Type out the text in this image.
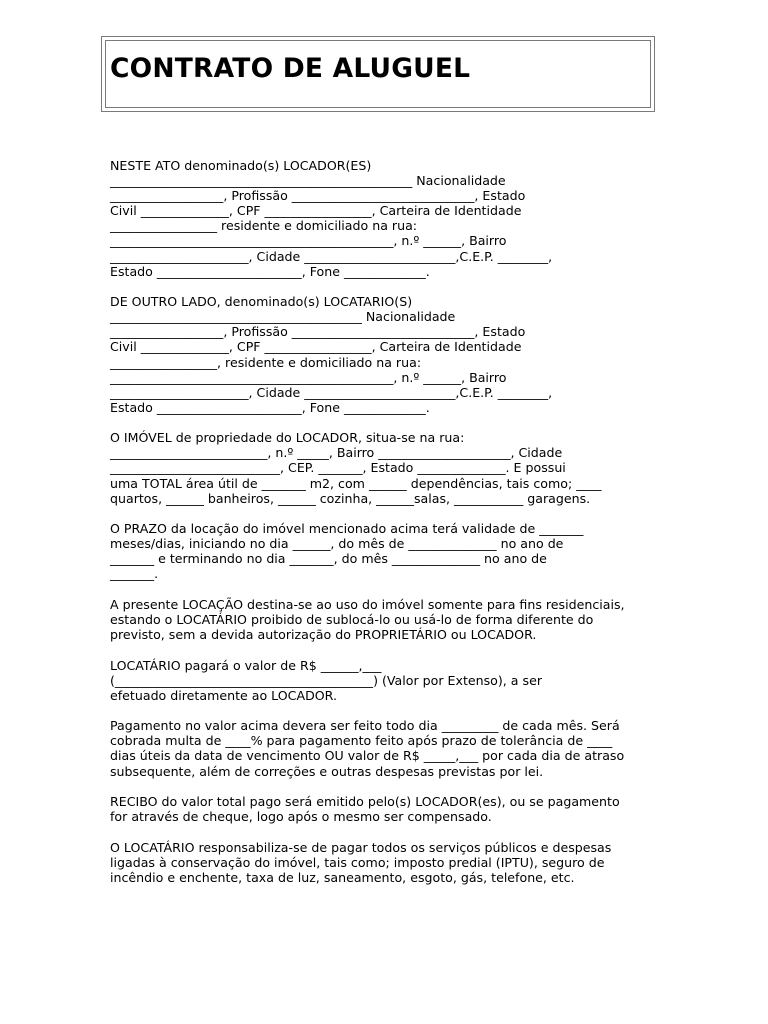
CONTRATO DE ALUGUEL

NESTE ATO denominado(s) LOCADOR(ES)
________________________________________________ Nacionalidade
__________________, Profissão _____________________________, Estado
Civil ______________, CPF _________________, Carteira de Identidade
_________________ residente e domiciliado na rua:
_____________________________________________, n.º ______, Bairro
______________________, Cidade ________________________,C.E.P. ________,
Estado _______________________, Fone _____________.

DE OUTRO LADO, denominado(s) LOCATARIO(S)
________________________________________ Nacionalidade
__________________, Profissão _____________________________, Estado
Civil ______________, CPF _________________, Carteira de Identidade
_________________, residente e domiciliado na rua:
_____________________________________________, n.º ______, Bairro
______________________, Cidade ________________________,C.E.P. ________,
Estado _______________________, Fone _____________.

O IMÓVEL de propriedade do LOCADOR, situa-se na rua:
_________________________, n.º _____, Bairro _____________________, Cidade
___________________________, CEP. _______, Estado ______________. E possui
uma TOTAL área útil de _______ m2, com ______ dependências, tais como; ____
quartos, ______ banheiros, ______ cozinha, ______salas, ___________ garagens.

O PRAZO da locação do imóvel mencionado acima terá validade de _______
meses/dias, iniciando no dia ______, do mês de ______________ no ano de
_______ e terminando no dia _______, do mês ______________ no ano de
_______.

A presente LOCAÇÃO destina-se ao uso do imóvel somente para fins residenciais,
estando o LOCATÁRIO proibido de sublocá-lo ou usá-lo de forma diferente do
previsto, sem a devida autorização do PROPRIETÁRIO ou LOCADOR.

LOCATÁRIO pagará o valor de R$ ______,___
(_________________________________________) (Valor por Extenso), a ser
efetuado diretamente ao LOCADOR.

Pagamento no valor acima devera ser feito todo dia _________ de cada mês. Será
cobrada multa de ____% para pagamento feito após prazo de tolerância de ____
dias úteis da data de vencimento OU valor de R$ _____,___ por cada dia de atraso
subsequente, além de correções e outras despesas previstas por lei.

RECIBO do valor total pago será emitido pelo(s) LOCADOR(es), ou se pagamento
for através de cheque, logo após o mesmo ser compensado.

O LOCATÁRIO responsabiliza-se de pagar todos os serviços públicos e despesas
ligadas à conservação do imóvel, tais como; imposto predial (IPTU), seguro de
incêndio e enchente, taxa de luz, saneamento, esgoto, gás, telefone, etc.
